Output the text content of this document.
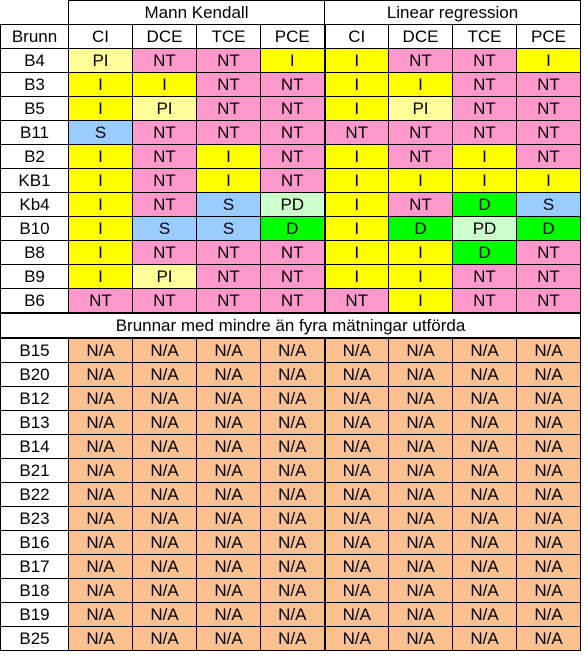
	Mann Kendall				Linear regression			
Brunn	CI	DCE	TCE	PCE	CI	DCE	TCE	PCE
B4	PI	NT	NT	I	I	NT	NT	I
B3	I	I	NT	NT	I	I	NT	NT
B5	I	PI	NT	NT	I	PI	NT	NT
B11	S	NT	NT	NT	NT	NT	NT	NT
B2	I	NT	I	NT	I	NT	I	NT
KB1	I	NT	I	NT	I	I	I	I
Kb4	I	NT	S	PD	I	NT	D	S
B10	I	S	S	D	I	D	PD	D
B8	I	NT	NT	NT	I	I	D	NT
B9	I	PI	NT	NT	I	I	NT	NT
B6	NT	NT	NT	NT	NT	I	NT	NT
Brunnar med mindre än fyra mätningar utförda								
B15	N/A	N/A	N/A	N/A	N/A	N/A	N/A	N/A
B20	N/A	N/A	N/A	N/A	N/A	N/A	N/A	N/A
B12	N/A	N/A	N/A	N/A	N/A	N/A	N/A	N/A
B13	N/A	N/A	N/A	N/A	N/A	N/A	N/A	N/A
B14	N/A	N/A	N/A	N/A	N/A	N/A	N/A	N/A
B21	N/A	N/A	N/A	N/A	N/A	N/A	N/A	N/A
B22	N/A	N/A	N/A	N/A	N/A	N/A	N/A	N/A
B23	N/A	N/A	N/A	N/A	N/A	N/A	N/A	N/A
B16	N/A	N/A	N/A	N/A	N/A	N/A	N/A	N/A
B17	N/A	N/A	N/A	N/A	N/A	N/A	N/A	N/A
B18	N/A	N/A	N/A	N/A	N/A	N/A	N/A	N/A
B19	N/A	N/A	N/A	N/A	N/A	N/A	N/A	N/A
B25	N/A	N/A	N/A	N/A	N/A	N/A	N/A	N/A
